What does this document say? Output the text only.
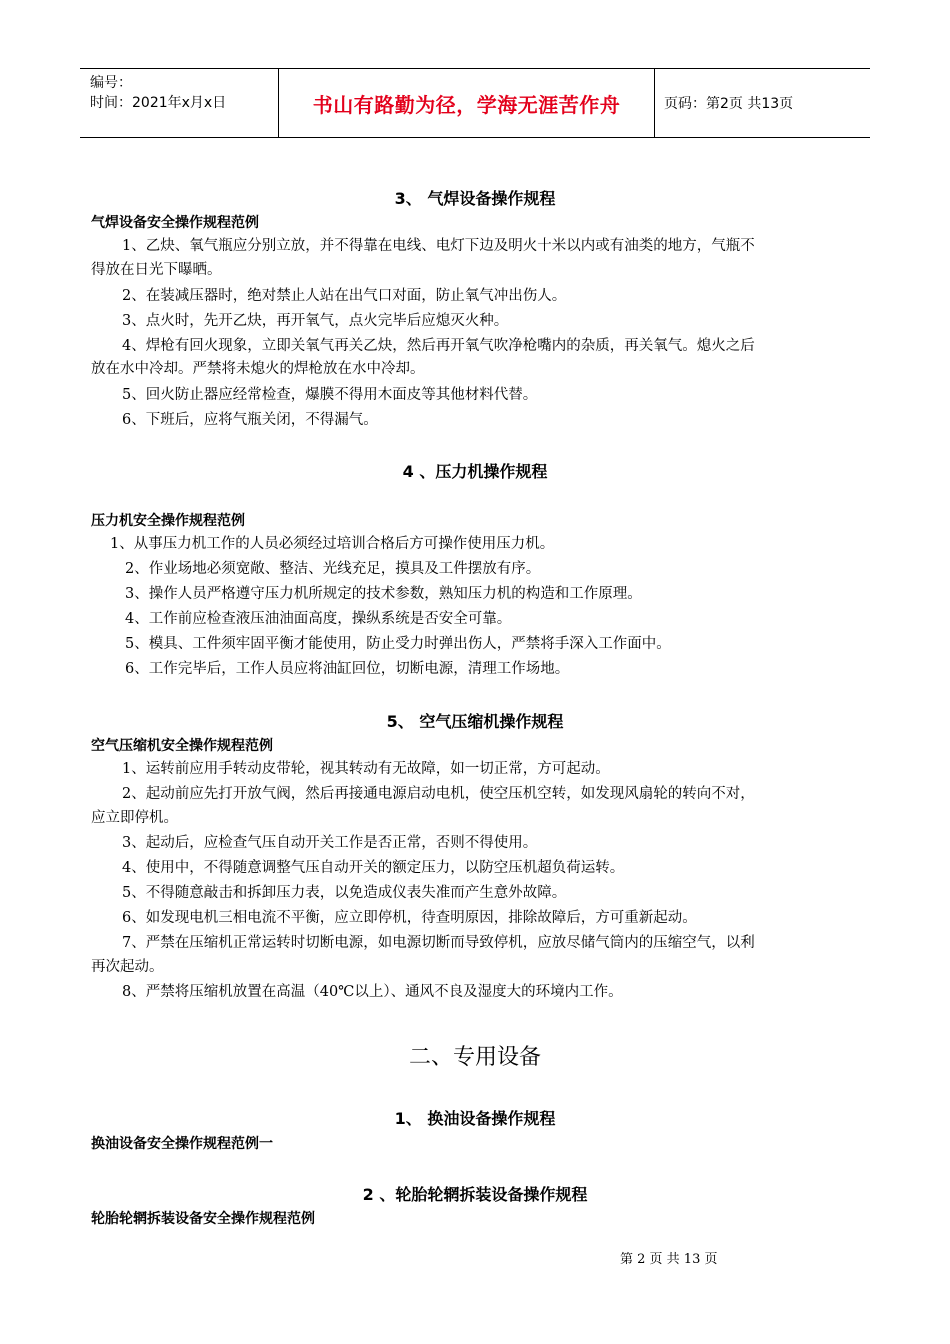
编号：
时间：2021年x月x日	书山有路勤为径，学海无涯苦作舟	页码：第2页 共13页
3、 气焊设备操作规程
气焊设备安全操作规程范例
1、乙炔、氧气瓶应分别立放，并不得靠在电线、电灯下边及明火十米以内或有油类的地方，气瓶不
得放在日光下曝晒。
2、在装减压器时，绝对禁止人站在出气口对面，防止氧气冲出伤人。
3、点火时，先开乙炔，再开氧气，点火完毕后应熄灭火种。
4、焊枪有回火现象，立即关氧气再关乙炔，然后再开氧气吹净枪嘴内的杂质，再关氧气。熄火之后
放在水中冷却。严禁将未熄火的焊枪放在水中冷却。
5、回火防止器应经常检查，爆膜不得用木面皮等其他材料代替。
6、下班后，应将气瓶关闭，不得漏气。
4 、压力机操作规程
压力机安全操作规程范例
1、从事压力机工作的人员必须经过培训合格后方可操作使用压力机。
2、作业场地必须宽敞、整洁、光线充足，摸具及工件摆放有序。
3、操作人员严格遵守压力机所规定的技术参数，熟知压力机的构造和工作原理。
4、工作前应检查液压油油面高度，操纵系统是否安全可靠。
5、模具、工件须牢固平衡才能使用，防止受力时弹出伤人，严禁将手深入工作面中。
6、工作完毕后，工作人员应将油缸回位，切断电源，清理工作场地。
5、 空气压缩机操作规程
空气压缩机安全操作规程范例
1、运转前应用手转动皮带轮，视其转动有无故障，如一切正常，方可起动。
2、起动前应先打开放气阀，然后再接通电源启动电机，使空压机空转，如发现风扇轮的转向不对，
应立即停机。
3、起动后，应检查气压自动开关工作是否正常，否则不得使用。
4、使用中，不得随意调整气压自动开关的额定压力，以防空压机超负荷运转。
5、不得随意敲击和拆卸压力表，以免造成仪表失准而产生意外故障。
6、如发现电机三相电流不平衡，应立即停机，待查明原因，排除故障后，方可重新起动。
7、严禁在压缩机正常运转时切断电源，如电源切断而导致停机，应放尽储气筒内的压缩空气，以利
再次起动。
8、严禁将压缩机放置在高温（40℃以上）、通风不良及湿度大的环境内工作。
二、专用设备
1、 换油设备操作规程
换油设备安全操作规程范例一
2 、轮胎轮辋拆装设备操作规程
轮胎轮辋拆装设备安全操作规程范例
第 2 页 共 13 页
